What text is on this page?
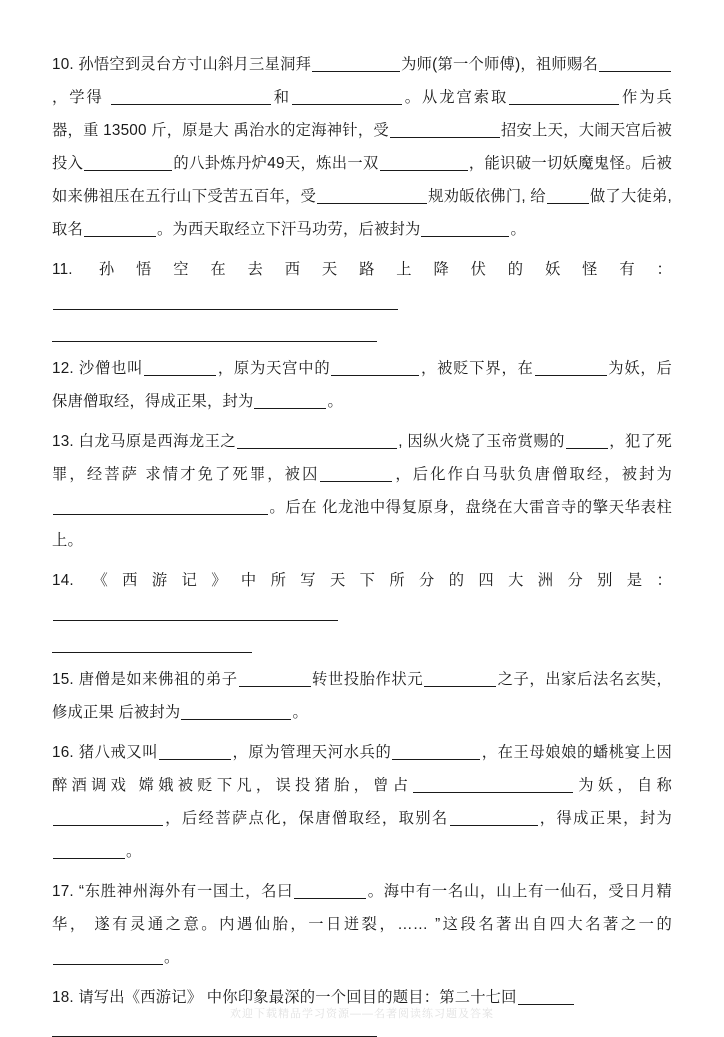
10. 孙悟空到灵台方寸山斜月三星洞拜	为师(第一个师傅)，祖师赐名，学得	和	。从龙宫索取	作为兵器，重 13500 斤，原是大 禹治水的定海神针，受	招安上天，大闹天宫后被投入	的八卦炼丹炉49天，炼出一双	，能识破一切妖魔鬼怪。后被如来佛祖压在五行山下受苦五百年，受	规劝皈依佛门, 给	做了大徒弟, 取名	。为西天取经立下汗马功劳，后被封为	。

11. 孙悟空在去西天路上降伏的妖怪有：

12. 沙僧也叫	，原为天宫中的	，被贬下界，在	为妖，后保唐僧取经，得成正果，封为	。

13. 白龙马原是西海龙王之	, 因纵火烧了玉帝赏赐的	，犯了死罪，经菩萨 求情才免了死罪，被囚	，后化作白马驮负唐僧取经，被封为。后在 化龙池中得复原身，盘绕在大雷音寺的擎天华表柱上。

14. 《西游记》中所写天下所分的四大洲分别是：

15. 唐僧是如来佛祖的弟子	转世投胎作状元	之子，出家后法名玄奘，修成正果 后被封为	。

16. 猪八戒又叫	，原为管理天河水兵的	，在王母娘娘的蟠桃宴上因醉酒调戏 嫦娥被贬下凡，误投猪胎，曾占	为妖，自称，后经菩萨点化，保唐僧取经，取别名	，得成正果，封为。

17. “东胜神州海外有一国土，名曰	。海中有一名山，山上有一仙石，受日月精华， 遂有灵通之意。内遇仙胎，一日迸裂，…… ”这段名著出自四大名著之一的。

18. 请写出《西游记》 中你印象最深的一个回目的题目：第二十七回

欢迎下载精品学习资源——名著阅读练习题及答案
